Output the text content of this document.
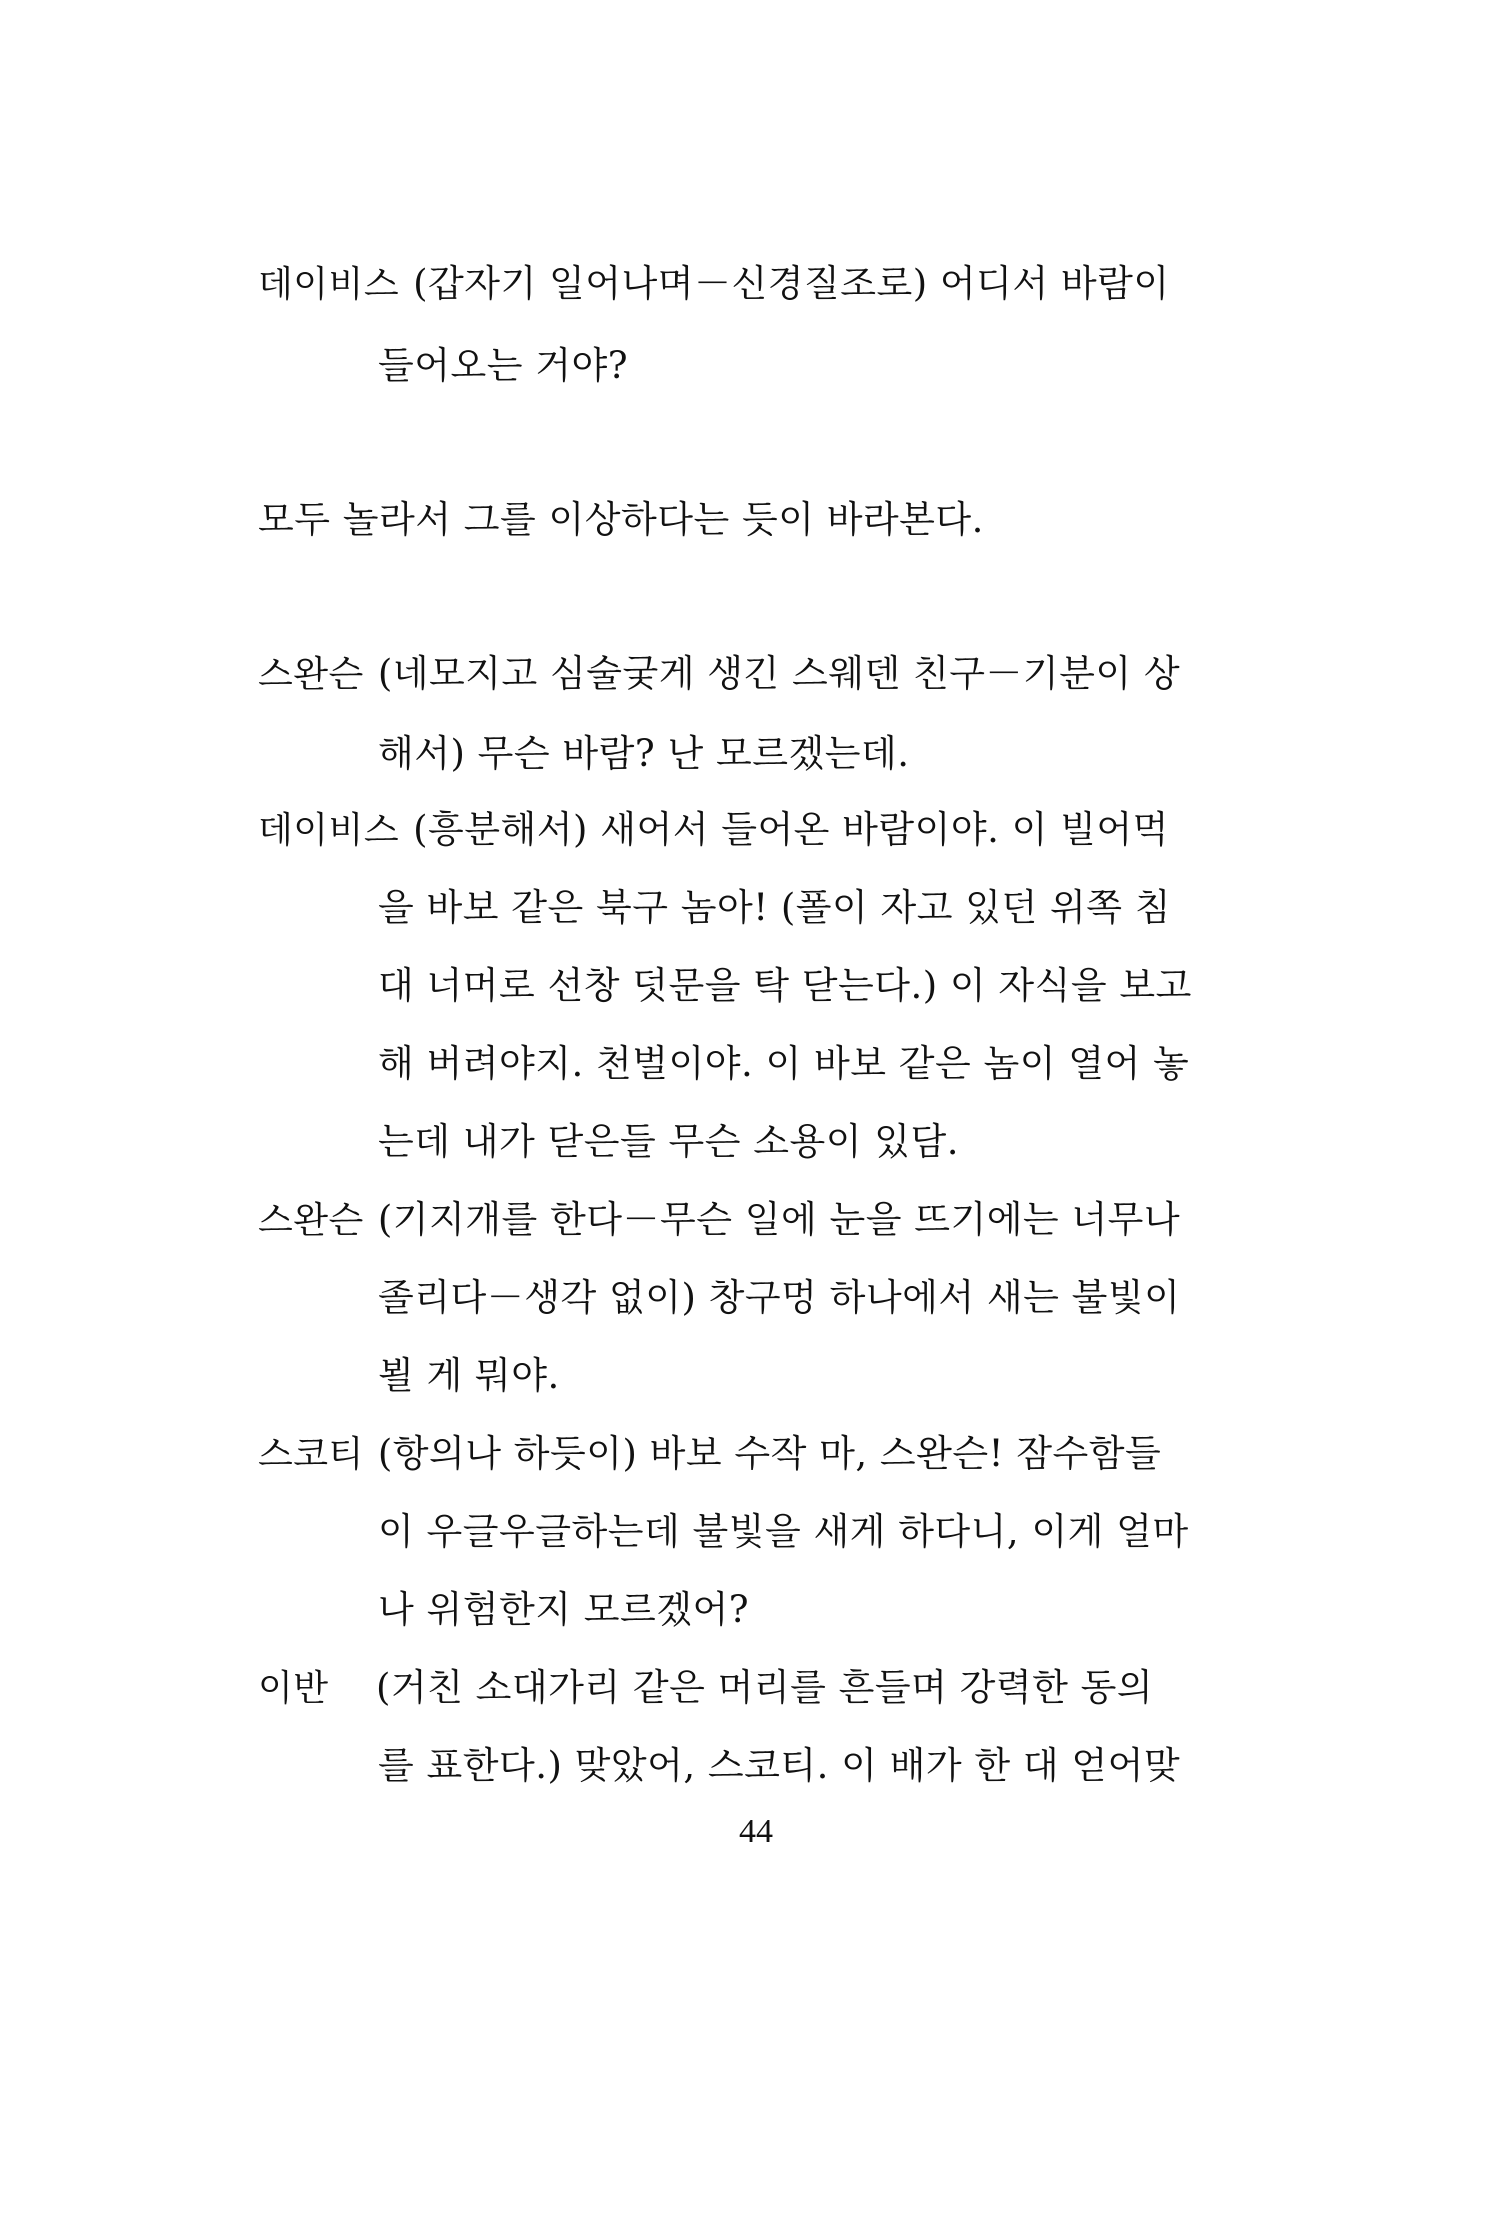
데이비스 (갑자기 일어나며－신경질조로) 어디서 바람이
들어오는 거야?
모두 놀라서 그를 이상하다는 듯이 바라본다.
스완슨 (네모지고 심술궂게 생긴 스웨덴 친구－기분이 상
해서) 무슨 바람? 난 모르겠는데.
데이비스 (흥분해서) 새어서 들어온 바람이야. 이 빌어먹
을 바보 같은 북구 놈아! (폴이 자고 있던 위쪽 침
대 너머로 선창 덧문을 탁 닫는다.) 이 자식을 보고
해 버려야지. 천벌이야. 이 바보 같은 놈이 열어 놓
는데 내가 닫은들 무슨 소용이 있담.
스완슨 (기지개를 한다－무슨 일에 눈을 뜨기에는 너무나
졸리다－생각 없이) 창구멍 하나에서 새는 불빛이
뵐 게 뭐야.
스코티 (항의나 하듯이) 바보 수작 마, 스완슨! 잠수함들
이 우글우글하는데 불빛을 새게 하다니, 이게 얼마
나 위험한지 모르겠어?
이반 (거친 소대가리 같은 머리를 흔들며 강력한 동의
를 표한다.) 맞았어, 스코티. 이 배가 한 대 얻어맞
44
